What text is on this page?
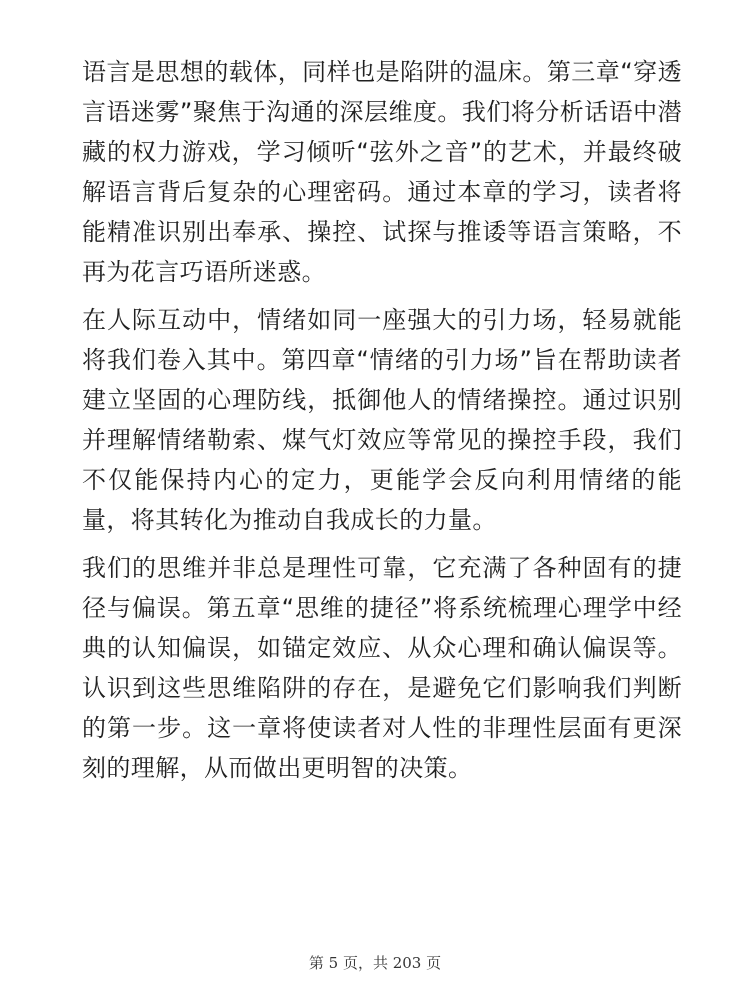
语言是思想的载体，同样也是陷阱的温床。第三章“穿透言语迷雾”聚焦于沟通的深层维度。我们将分析话语中潜藏的权力游戏，学习倾听“弦外之音”的艺术，并最终破解语言背后复杂的心理密码。通过本章的学习，读者将能精准识别出奉承、操控、试探与推诿等语言策略，不再为花言巧语所迷惑。

在人际互动中，情绪如同一座强大的引力场，轻易就能将我们卷入其中。第四章“情绪的引力场”旨在帮助读者建立坚固的心理防线，抵御他人的情绪操控。通过识别并理解情绪勒索、煤气灯效应等常见的操控手段，我们不仅能保持内心的定力，更能学会反向利用情绪的能量，将其转化为推动自我成长的力量。

我们的思维并非总是理性可靠，它充满了各种固有的捷径与偏误。第五章“思维的捷径”将系统梳理心理学中经典的认知偏误，如锚定效应、从众心理和确认偏误等。认识到这些思维陷阱的存在，是避免它们影响我们判断的第一步。这一章将使读者对人性的非理性层面有更深刻的理解，从而做出更明智的决策。

第 5 页，共 203 页
